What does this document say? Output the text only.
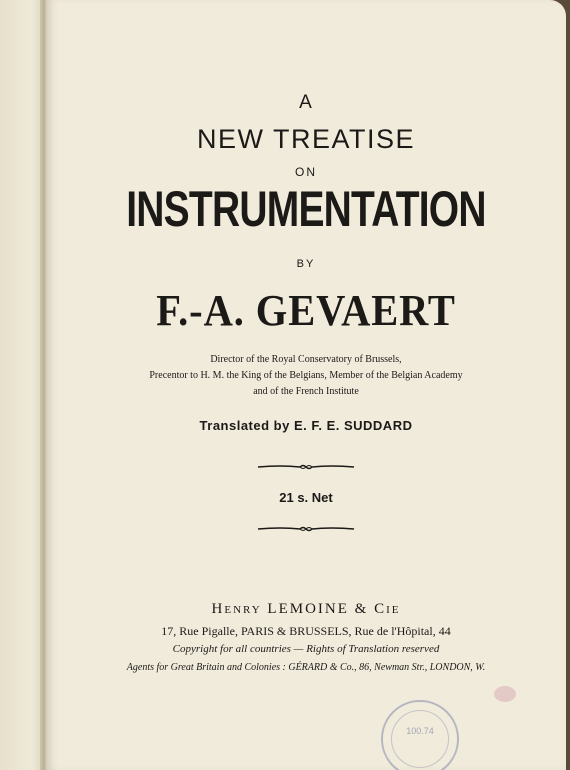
A
NEW TREATISE
ON
INSTRUMENTATION
BY
F.-A. GEVAERT
Director of the Royal Conservatory of Brussels,
Precentor to H. M. the King of the Belgians, Member of the Belgian Academy
and of the French Institute
Translated by E. F. E. SUDDARD
21 s. Net
Henry LEMOINE & Cie
17, Rue Pigalle, PARIS & BRUSSELS, Rue de l'Hôpital, 44
Copyright for all countries — Rights of Translation reserved
Agents for Great Britain and Colonies : GÉRARD & Co., 86, Newman Str., LONDON, W.
100.74
